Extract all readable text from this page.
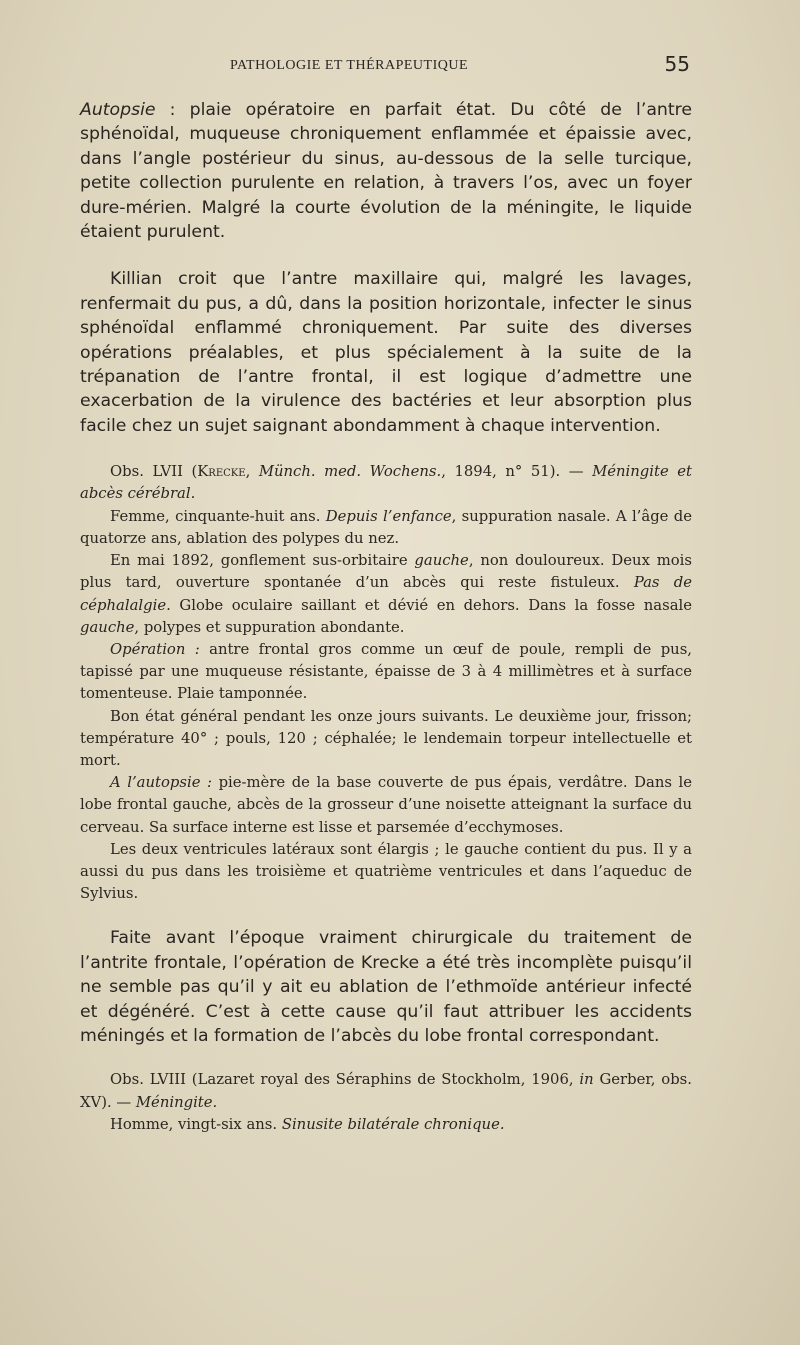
PATHOLOGIE ET THÉRAPEUTIQUE	55

Autopsie : plaie opératoire en parfait état. Du côté de l’antre sphénoïdal, muqueuse chroniquement enflammée et épaissie avec, dans l’angle postérieur du sinus, au-dessous de la selle turcique, petite collection purulente en relation, à travers l’os, avec un foyer dure-mérien. Malgré la courte évolution de la méningite, le liquide étaient purulent.

Killian croit que l’antre maxillaire qui, malgré les lavages, renfermait du pus, a dû, dans la position horizontale, infecter le sinus sphénoïdal enflammé chroniquement. Par suite des diverses opérations préalables, et plus spécialement à la suite de la trépanation de l’antre frontal, il est logique d’admettre une exacerbation de la virulence des bactéries et leur absorption plus facile chez un sujet saignant abondamment à chaque intervention.

Obs. LVII (Krecke, Münch. med. Wochens., 1894, n° 51). — Méningite et abcès cérébral.

Femme, cinquante-huit ans. Depuis l’enfance, suppuration nasale. A l’âge de quatorze ans, ablation des polypes du nez.

En mai 1892, gonflement sus-orbitaire gauche, non douloureux. Deux mois plus tard, ouverture spontanée d’un abcès qui reste fistuleux. Pas de céphalalgie. Globe oculaire saillant et dévié en dehors. Dans la fosse nasale gauche, polypes et suppuration abondante.

Opération : antre frontal gros comme un œuf de poule, rempli de pus, tapissé par une muqueuse résistante, épaisse de 3 à 4 millimètres et à surface tomenteuse. Plaie tamponnée.

Bon état général pendant les onze jours suivants. Le deuxième jour, frisson; température 40° ; pouls, 120 ; céphalée; le lendemain torpeur intellectuelle et mort.

A l’autopsie : pie-mère de la base couverte de pus épais, verdâtre. Dans le lobe frontal gauche, abcès de la grosseur d’une noisette atteignant la surface du cerveau. Sa surface interne est lisse et parsemée d’ecchymoses.

Les deux ventricules latéraux sont élargis ; le gauche contient du pus. Il y a aussi du pus dans les troisième et quatrième ventricules et dans l’aqueduc de Sylvius.

Faite avant l’époque vraiment chirurgicale du traitement de l’antrite frontale, l’opération de Krecke a été très incomplète puisqu’il ne semble pas qu’il y ait eu ablation de l’ethmoïde antérieur infecté et dégénéré. C’est à cette cause qu’il faut attribuer les accidents méningés et la formation de l’abcès du lobe frontal correspondant.

Obs. LVIII (Lazaret royal des Séraphins de Stockholm, 1906, in Gerber, obs. XV). — Méningite.

Homme, vingt-six ans. Sinusite bilatérale chronique.
